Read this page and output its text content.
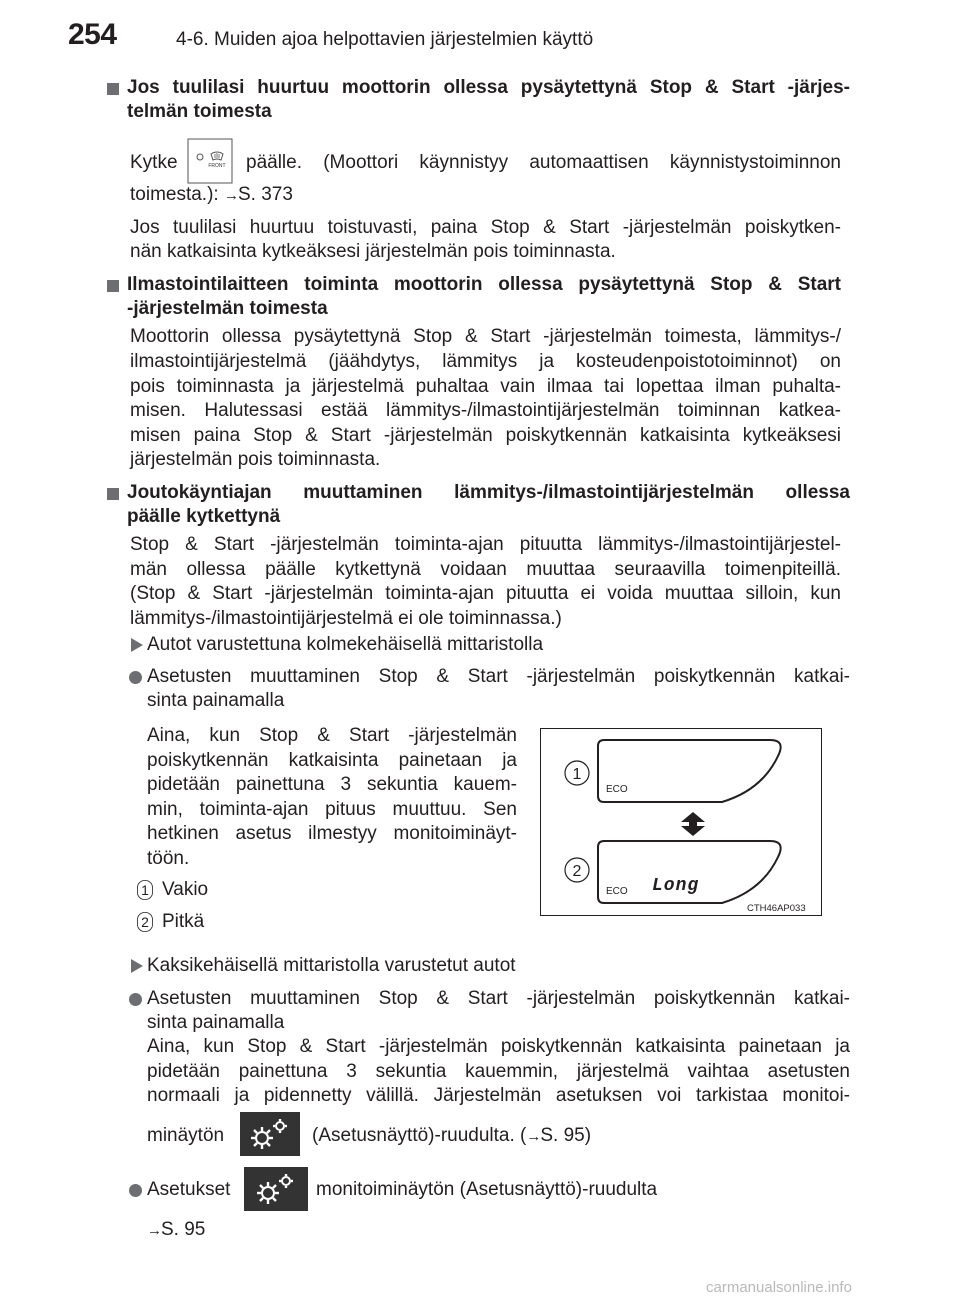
254	4-6. Muiden ajoa helpottavien järjestelmien käyttö
Jos tuulilasi huurtuu moottorin ollessa pysäytettynä Stop & Start -järjes-
telmän toimesta
Kytke	FRONT päälle. (Moottori käynnistyy automaattisen käynnistystoiminnon
toimesta.): →S. 373
Jos tuulilasi huurtuu toistuvasti, paina Stop & Start -järjestelmän poiskytken-
nän katkaisinta kytkeäksesi järjestelmän pois toiminnasta.
Ilmastointilaitteen toiminta moottorin ollessa pysäytettynä Stop & Start
-järjestelmän toimesta
Moottorin ollessa pysäytettynä Stop & Start -järjestelmän toimesta, lämmitys-/
ilmastointijärjestelmä (jäähdytys, lämmitys ja kosteudenpoistotoiminnot) on
pois toiminnasta ja järjestelmä puhaltaa vain ilmaa tai lopettaa ilman puhalta-
misen. Halutessasi estää lämmitys-/ilmastointijärjestelmän toiminnan katkea-
misen paina Stop & Start -järjestelmän poiskytkennän katkaisinta kytkeäksesi
järjestelmän pois toiminnasta.
Joutokäyntiajan muuttaminen lämmitys-/ilmastointijärjestelmän ollessa
päälle kytkettynä
Stop & Start -järjestelmän toiminta-ajan pituutta lämmitys-/ilmastointijärjestel-
män ollessa päälle kytkettynä voidaan muuttaa seuraavilla toimenpiteillä.
(Stop & Start -järjestelmän toiminta-ajan pituutta ei voida muuttaa silloin, kun
lämmitys-/ilmastointijärjestelmä ei ole toiminnassa.)
Autot varustettuna kolmekehäisellä mittaristolla
Asetusten muuttaminen Stop & Start -järjestelmän poiskytkennän katkai-
sinta painamalla
Aina, kun Stop & Start -järjestelmän
poiskytkennän katkaisinta painetaan ja
pidetään painettuna 3 sekuntia kauem-
min, toiminta-ajan pituus muuttuu. Sen
hetkinen asetus ilmestyy monitoiminäyt-
töön.
1 Vakio
2 Pitkä
ECO
ECO Long
1
2
CTH46AP033
Kaksikehäisellä mittaristolla varustetut autot
Asetusten muuttaminen Stop & Start -järjestelmän poiskytkennän katkai-
sinta painamalla
Aina, kun Stop & Start -järjestelmän poiskytkennän katkaisinta painetaan ja
pidetään painettuna 3 sekuntia kauemmin, järjestelmä vaihtaa asetusten
normaali ja pidennetty välillä. Järjestelmän asetuksen voi tarkistaa monitoi-
minäytön	(Asetusnäyttö)-ruudulta. (→S. 95)
Asetukset	monitoiminäytön (Asetusnäyttö)-ruudulta
→S. 95
carmanualsonline.info
